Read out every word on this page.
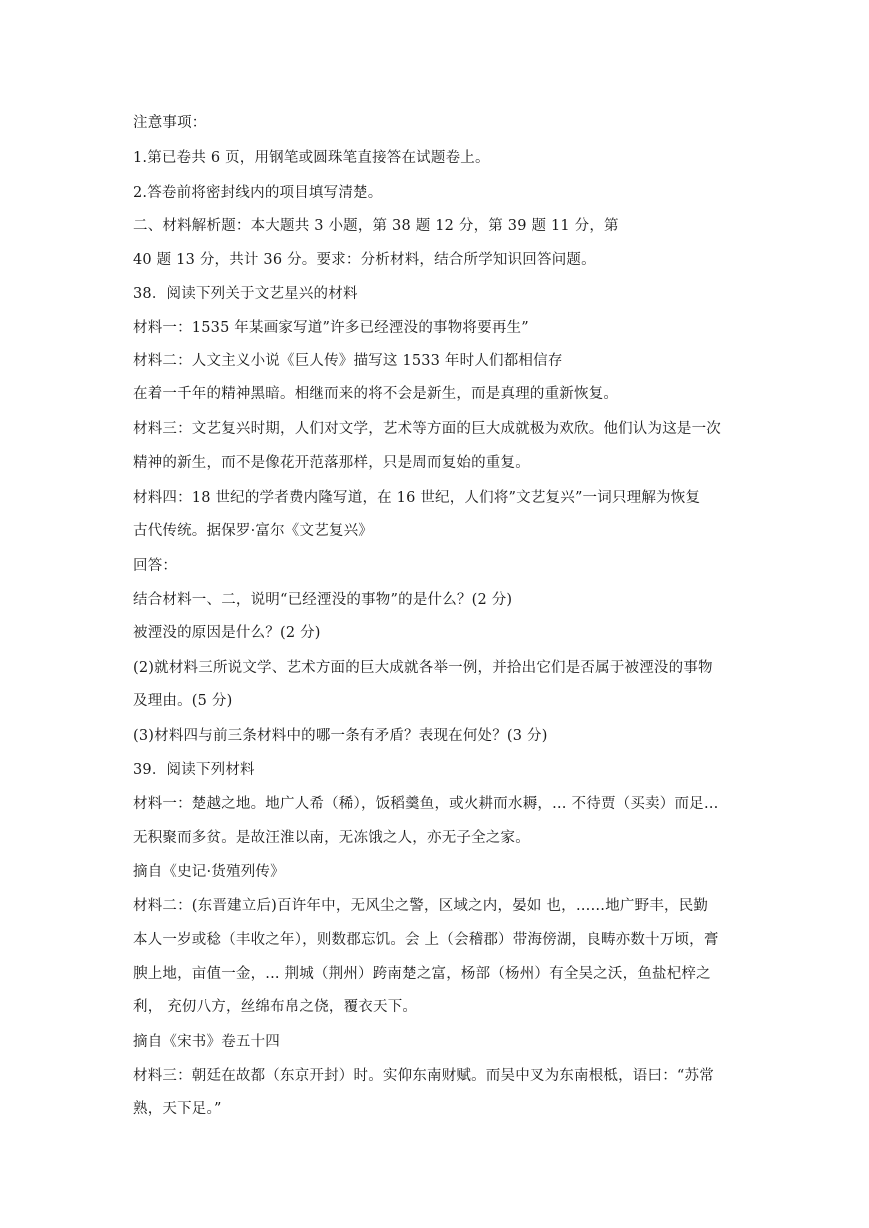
注意事项：
1.第已卷共 6 页，用钢笔或圆珠笔直接答在试题卷上。
2.答卷前将密封线内的项目填写清楚。
二、材料解析题：本大题共 3 小题，第 38 题 12 分，第 39 题 11 分，第
40 题 13 分，共计 36 分。要求：分析材料，结合所学知识回答问题。
38．阅读下列关于文艺星兴的材料
材料一：1535 年某画家写道”许多已经湮没的事物将要再生”
材料二：人文主义小说《巨人传》描写这 1533 年时人们都相信存
在着一千年的精神黑暗。相继而来的将不会是新生，而是真理的重新恢复。
材料三：文艺复兴时期，人们对文学，艺术等方面的巨大成就极为欢欣。他们认为这是一次
精神的新生，而不是像花开范落那样，只是周而复始的重复。
材料四：18 世纪的学者费内隆写道，在 16 世纪，人们将”文艺复兴”一词只理解为恢复
古代传统。据保罗·富尔《文艺复兴》
回答：
结合材料一、二，说明“已经湮没的事物”的是什么？(2 分)
被湮没的原因是什么？(2 分)
(2)就材料三所说文学、艺术方面的巨大成就各举一例，并拾出它们是否属于被湮没的事物
及理由。(5 分)
(3)材料四与前三条材料中的哪一条有矛盾？表现在何处？(3 分)
39．阅读下列材料
材料一：楚越之地。地广人希（稀），饭稻羹鱼，或火耕而水耨，… 不待贾（买卖）而足…
无积聚而多贫。是故汪淮以南，无冻饿之人，亦无子全之家。
摘自《史记·货殖列传》
材料二：(东晋建立后)百许年中，无风尘之警，区域之内，晏如 也，……地广野丰，民勤
本人一岁或稔（丰收之年），则数郡忘饥。会 上（会稽郡）带海傍湖，良畴亦数十万顷，膏
腴上地，亩值一金，... 荆城（荆州）跨南楚之富，杨部（杨州）有全吴之沃，鱼盐杞梓之
利， 充仞八方，丝绵布帛之侥，覆衣天下。
摘自《宋书》卷五十四
材料三：朝廷在故都（东京开封）时。实仰东南财赋。而吴中叉为东南根柢，语曰：“苏常
熟，天下足。”
